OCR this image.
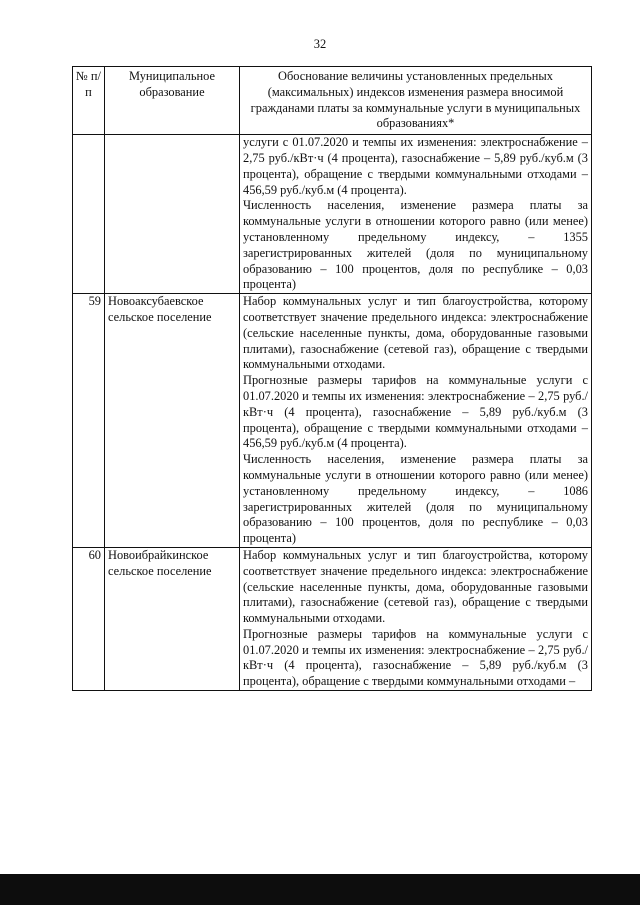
32
№ п/п	Муниципальное образование	Обоснование величины установленных предельных (максимальных) индексов изменения размера вносимой гражданами платы за коммунальные услуги в муниципальных образованиях*

		услуги с 01.07.2020 и темпы их изменения: электроснабжение – 2,75 руб./кВт·ч (4 процента), газоснабжение – 5,89 руб./куб.м (3 процента), обращение с твердыми коммунальными отходами – 456,59 руб./куб.м (4 процента).

Численность населения, изменение размера платы за коммунальные услуги в отношении которого равно (или менее) установленному предельному индексу, – 1355 зарегистрированных жителей (доля по муниципальному образованию – 100 процентов, доля по республике – 0,03 процента)

59	Новоаксубаевское сельское поселение	Набор коммунальных услуг и тип благоустройства, которому соответствует значение предельного индекса: электроснабжение (сельские населенные пункты, дома, оборудованные газовыми плитами), газоснабжение (сетевой газ), обращение с твердыми коммунальными отходами.

Прогнозные размеры тарифов на коммунальные услуги с 01.07.2020 и темпы их изменения: электроснабжение – 2,75 руб./кВт·ч (4 процента), газоснабжение – 5,89 руб./куб.м (3 процента), обращение с твердыми коммунальными отходами – 456,59 руб./куб.м (4 процента).

Численность населения, изменение размера платы за коммунальные услуги в отношении которого равно (или менее) установленному предельному индексу, – 1086 зарегистрированных жителей (доля по муниципальному образованию – 100 процентов, доля по республике – 0,03 процента)

60	Новоибрайкинское сельское поселение	Набор коммунальных услуг и тип благоустройства, которому соответствует значение предельного индекса: электроснабжение (сельские населенные пункты, дома, оборудованные газовыми плитами), газоснабжение (сетевой газ), обращение с твердыми коммунальными отходами.

Прогнозные размеры тарифов на коммунальные услуги с 01.07.2020 и темпы их изменения: электроснабжение – 2,75 руб./кВт·ч (4 процента), газоснабжение – 5,89 руб./куб.м (3 процента), обращение с твердыми коммунальными отходами –
